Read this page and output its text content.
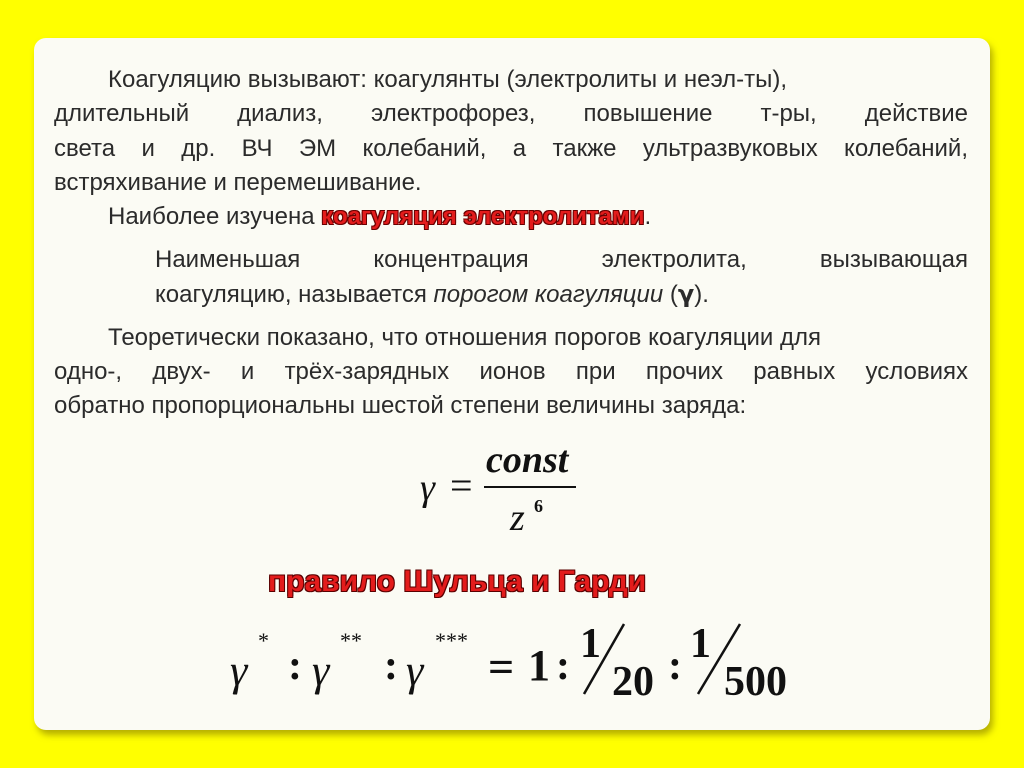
Коагуляцию вызывают: коагулянты (электролиты и неэл-ты),
длительный диализ, электрофорез, повышение т-ры, действие
света и др. ВЧ ЭМ колебаний, а также ультразвуковых колебаний,
встряхивание и перемешивание.
Наиболее изучена коагуляция электролитами.
Наименьшая концентрация электролита, вызывающая
коагуляцию, называется порогом коагуляции (γ).
Теоретически показано, что отношения порогов коагуляции для
одно-, двух- и трёх-зарядных ионов при прочих равных условиях
обратно пропорциональны шестой степени величины заряда:
γ =
const
z 6
правило Шульца и Гарди
γ
*
: γ
**
: γ
***
= 1 : 1
20 : 1
500
